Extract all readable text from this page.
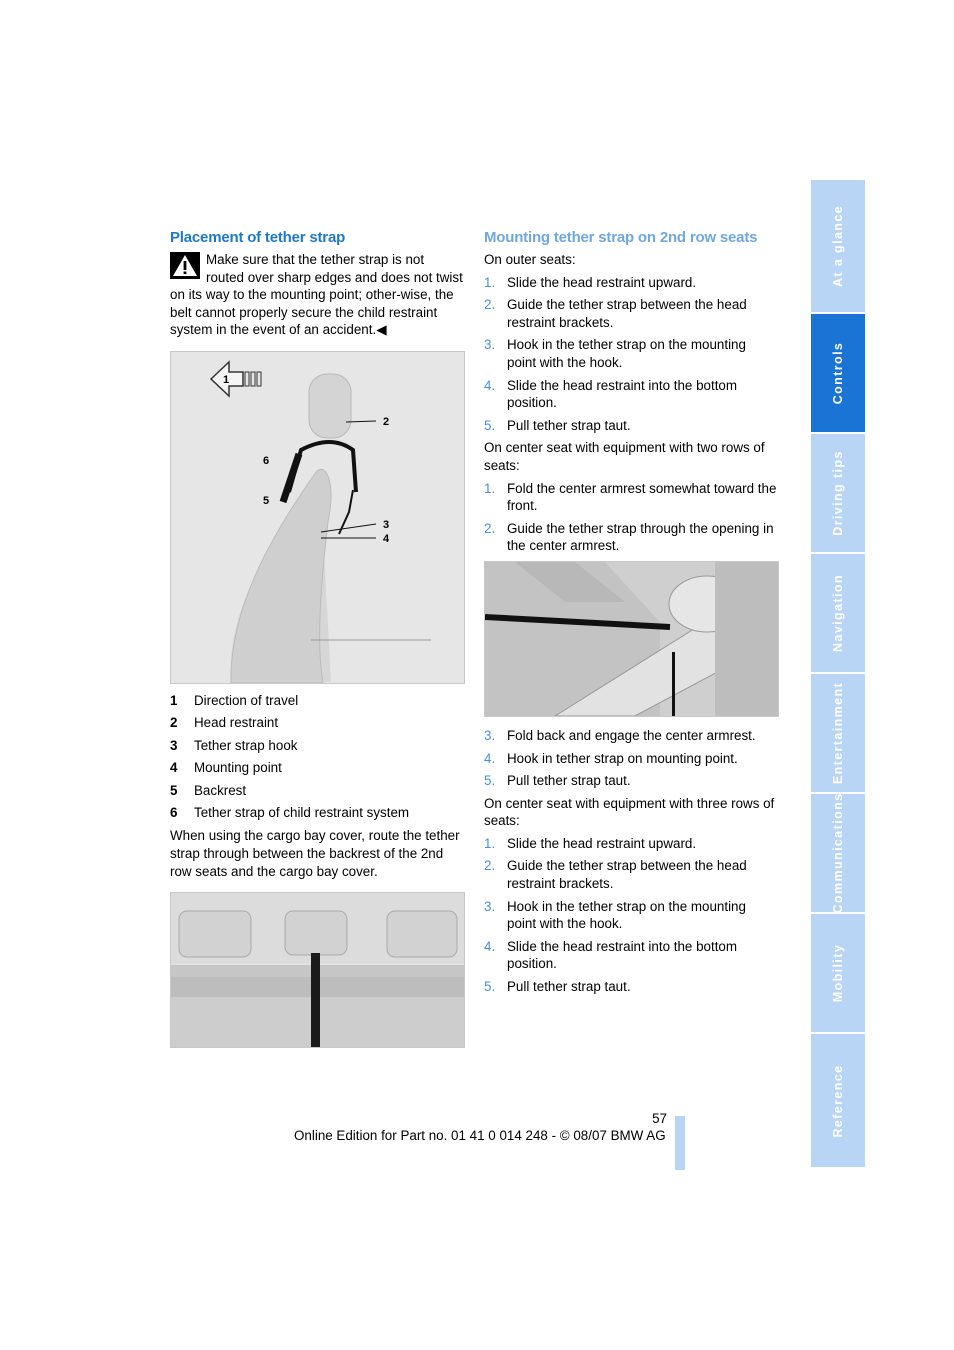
Placement of tether strap

Make sure that the tether strap is not routed over sharp edges and does not twist on its way to the mounting point; other-wise, the belt cannot properly secure the child restraint system in the event of an accident.◀

1
2
3
4
5
6
1	Direction of travel
2	Head restraint
3	Tether strap hook
4	Mounting point
5	Backrest
6	Tether strap of child restraint system

When using the cargo bay cover, route the tether strap through between the backrest of the 2nd row seats and the cargo bay cover.

Mounting tether strap on 2nd row seats

On outer seats:

1. Slide the head restraint upward.
2. Guide the tether strap between the head restraint brackets.
3. Hook in the tether strap on the mounting point with the hook.
4. Slide the head restraint into the bottom position.
5. Pull tether strap taut.

On center seat with equipment with two rows of seats:

1. Fold the center armrest somewhat toward the front.
2. Guide the tether strap through the opening in the center armrest.
3. Fold back and engage the center armrest.
4. Hook in tether strap on mounting point.
5. Pull tether strap taut.

On center seat with equipment with three rows of seats:

1. Slide the head restraint upward.
2. Guide the tether strap between the head restraint brackets.
3. Hook in the tether strap on the mounting point with the hook.
4. Slide the head restraint into the bottom position.
5. Pull tether strap taut.
At a glance
Controls
Driving tips
Navigation
Entertainment
Communications
Mobility
Reference
57
Online Edition for Part no. 01 41 0 014 248 - © 08/07 BMW AG
